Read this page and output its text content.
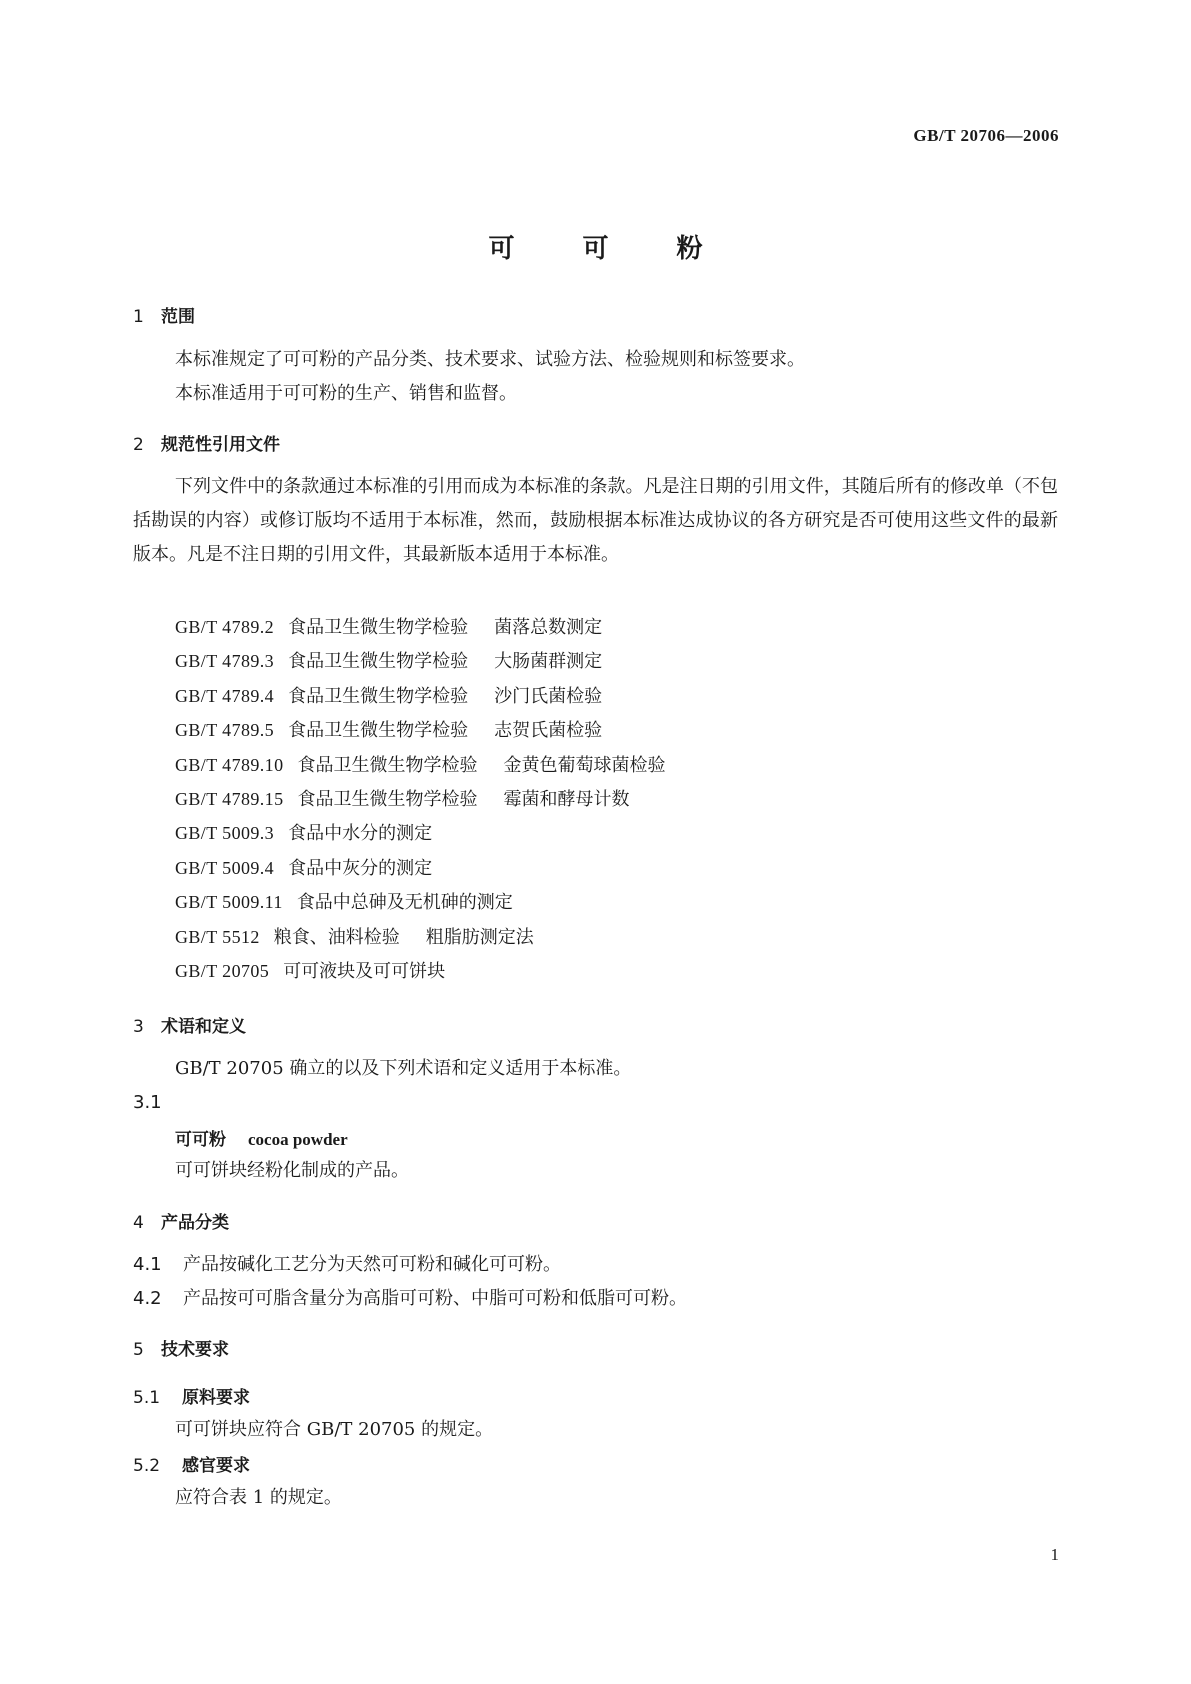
GB/T 20706—2006
可	可	粉
1 范围
本标准规定了可可粉的产品分类、技术要求、试验方法、检验规则和标签要求。
本标准适用于可可粉的生产、销售和监督。
2 规范性引用文件
下列文件中的条款通过本标准的引用而成为本标准的条款。凡是注日期的引用文件，其随后所有的修改单（不包括勘误的内容）或修订版均不适用于本标准，然而，鼓励根据本标准达成协议的各方研究是否可使用这些文件的最新版本。凡是不注日期的引用文件，其最新版本适用于本标准。
GB/T 4789.2 食品卫生微生物学检验 菌落总数测定
GB/T 4789.3 食品卫生微生物学检验 大肠菌群测定
GB/T 4789.4 食品卫生微生物学检验 沙门氏菌检验
GB/T 4789.5 食品卫生微生物学检验 志贺氏菌检验
GB/T 4789.10 食品卫生微生物学检验 金黄色葡萄球菌检验
GB/T 4789.15 食品卫生微生物学检验 霉菌和酵母计数
GB/T 5009.3 食品中水分的测定
GB/T 5009.4 食品中灰分的测定
GB/T 5009.11 食品中总砷及无机砷的测定
GB/T 5512 粮食、油料检验 粗脂肪测定法
GB/T 20705 可可液块及可可饼块
3 术语和定义
GB/T 20705 确立的以及下列术语和定义适用于本标准。
3.1
可可粉 cocoa powder
可可饼块经粉化制成的产品。
4 产品分类
4.1 产品按碱化工艺分为天然可可粉和碱化可可粉。
4.2 产品按可可脂含量分为高脂可可粉、中脂可可粉和低脂可可粉。
5 技术要求
5.1 原料要求
可可饼块应符合 GB/T 20705 的规定。
5.2 感官要求
应符合表 1 的规定。
1
